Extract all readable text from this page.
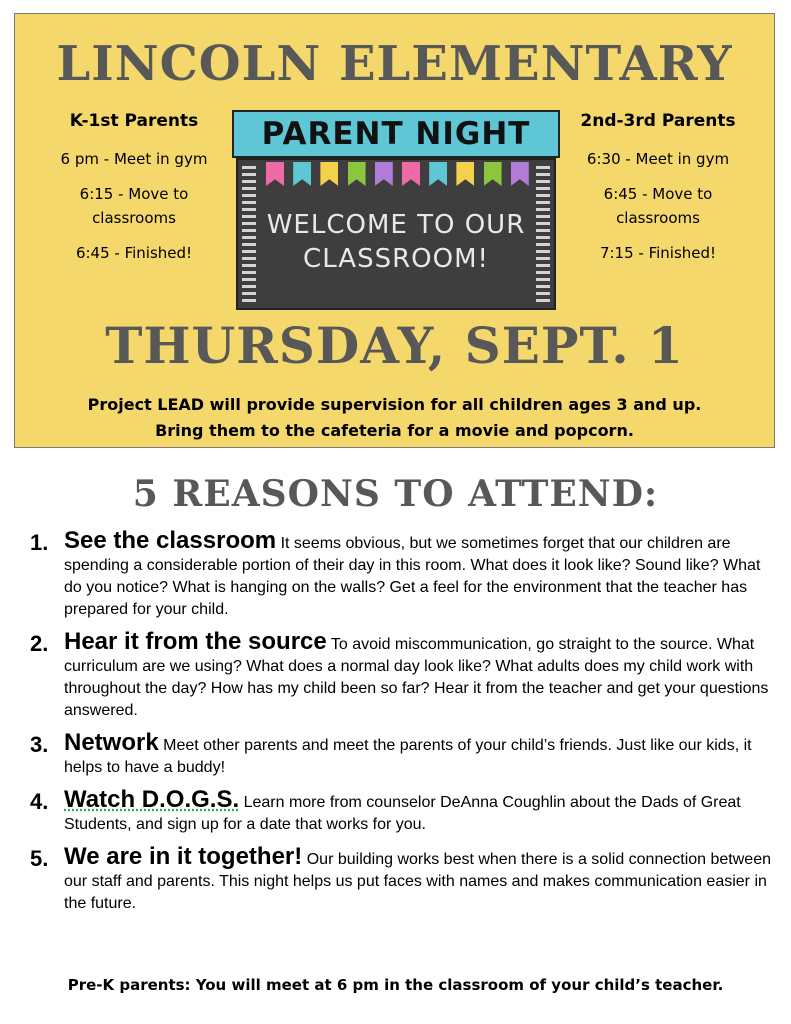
LINCOLN ELEMENTARY
K-1st Parents
6 pm - Meet in gym
6:15 - Move to classrooms
6:45 - Finished!
WELCOME TO OUR
CLASSROOM!
PARENT NIGHT	2nd-3rd Parents
6:30 - Meet in gym
6:45 - Move to classrooms
7:15 - Finished!
THURSDAY, SEPT. 1
Project LEAD will provide supervision for all children ages 3 and up.
Bring them to the cafeteria for a movie and popcorn.
5 REASONS TO ATTEND:
1. See the classroom It seems obvious, but we sometimes forget that our children are spending a considerable portion of their day in this room. What does it look like? Sound like? What do you notice? What is hanging on the walls? Get a feel for the environment that the teacher has prepared for your child.
2. Hear it from the source To avoid miscommunication, go straight to the source. What curriculum are we using? What does a normal day look like? What adults does my child work with throughout the day? How has my child been so far? Hear it from the teacher and get your questions answered.
3. Network Meet other parents and meet the parents of your child’s friends. Just like our kids, it helps to have a buddy!
4. Watch D.O.G.S. Learn more from counselor DeAnna Coughlin about the Dads of Great Students, and sign up for a date that works for you.
5. We are in it together! Our building works best when there is a solid connection between our staff and parents. This night helps us put faces with names and makes communication easier in the future.
Pre-K parents: You will meet at 6 pm in the classroom of your child’s teacher.
